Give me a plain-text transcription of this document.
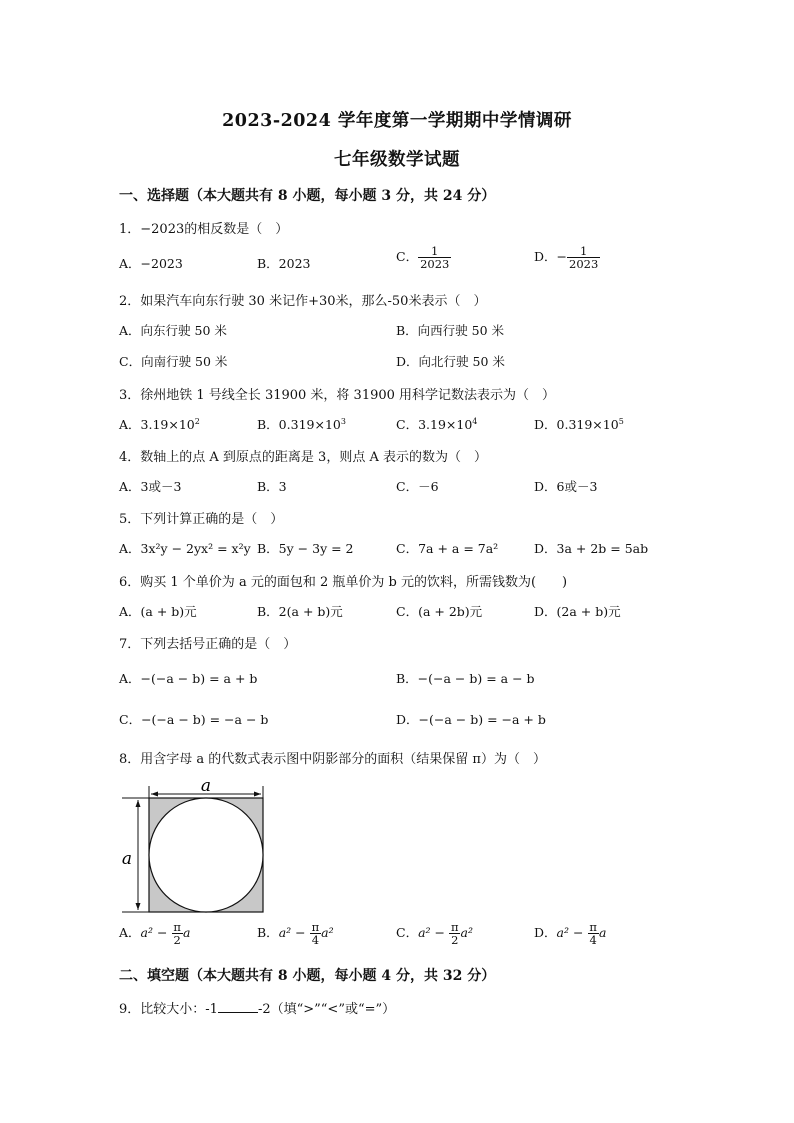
2023-2024 学年度第一学期期中学情调研
七年级数学试题
一、选择题（本大题共有 8 小题，每小题 3 分，共 24 分）
1．−2023的相反数是（　）
A．−2023	B．2023	C． $\frac{1}{2023}$	D．− $\frac{1}{2023}$
2．如果汽车向东行驶 30 米记作+30米，那么-50米表示（　）
A．向东行驶 50 米	B．向西行驶 50 米
C．向南行驶 50 米	D．向北行驶 50 米
3．徐州地铁 1 号线全长 31900 米，将 31900 用科学记数法表示为（　）
A．$3.19\times 10^2$	B．$0.319\times 10^3$	C．$3.19\times 10^4$	D．$0.319\times 10^5$
4．数轴上的点 A 到原点的距离是 3，则点 A 表示的数为（　）
A．3或－3	B．3	C．－6	D．6或－3
5．下列计算正确的是（　）
A．3x²y − 2yx² = x²y B．5y − 3y = 2	C．7a + a = 7a²	D．3a + 2b = 5ab
6．购买 1 个单价为 a 元的面包和 2 瓶单价为 b 元的饮料，所需钱数为(　　)
A．(a + b)元	B．2(a + b)元	C．(a + 2b)元	D．(2a + b)元
7．下列去括号正确的是（　）
A．−(−a − b) = a + b	B．−(−a − b) = a − b
C．−(−a − b) = −a − b	D．−(−a − b) = −a + b
8．用含字母 a 的代数式表示图中阴影部分的面积（结果保留 π）为（　）
a
a
A．$a^2 - \frac{\pi}{2}$ a	B．$a^2 - \frac{\pi}{4} a^2$	C．$a^2 - \frac{\pi}{2} a^2$	D．$a^2 - \frac{\pi}{4}$ a
二、填空题（本大题共有 8 小题，每小题 4 分，共 32 分）
9．比较大小：-1	-2（填“>”“<”或“=”）
